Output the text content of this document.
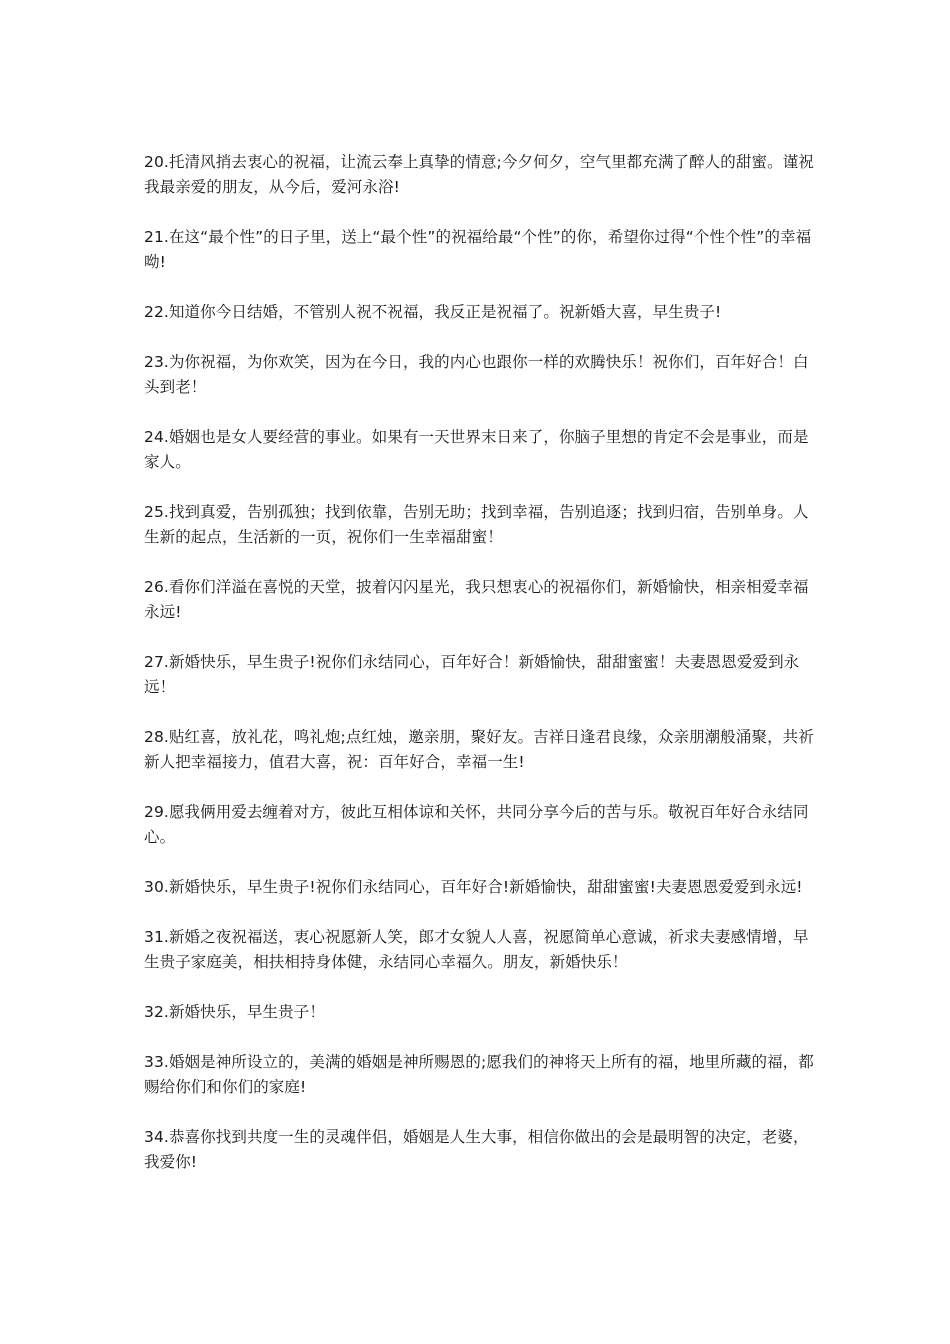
20.托清风捎去衷心的祝福，让流云奉上真挚的情意;今夕何夕，空气里都充满了醉人的甜蜜。谨祝我最亲爱的朋友，从今后，爱河永浴!

21.在这“最个性”的日子里，送上“最个性”的祝福给最“个性”的你，希望你过得“个性个性”的幸福呦!

22.知道你今日结婚，不管别人祝不祝福，我反正是祝福了。祝新婚大喜，早生贵子!

23.为你祝福，为你欢笑，因为在今日，我的内心也跟你一样的欢腾快乐！祝你们，百年好合！白头到老！

24.婚姻也是女人要经营的事业。如果有一天世界末日来了，你脑子里想的肯定不会是事业，而是家人。

25.找到真爱，告别孤独；找到依靠，告别无助；找到幸福，告别追逐；找到归宿，告别单身。人生新的起点，生活新的一页，祝你们一生幸福甜蜜！

26.看你们洋溢在喜悦的天堂，披着闪闪星光，我只想衷心的祝福你们，新婚愉快，相亲相爱幸福永远!

27.新婚快乐，早生贵子!祝你们永结同心，百年好合！新婚愉快，甜甜蜜蜜！夫妻恩恩爱爱到永远！

28.贴红喜，放礼花，鸣礼炮;点红烛，邀亲朋，聚好友。吉祥日逢君良缘，众亲朋潮般涌聚，共祈新人把幸福接力，值君大喜，祝：百年好合，幸福一生!

29.愿我俩用爱去缠着对方，彼此互相体谅和关怀，共同分享今后的苦与乐。敬祝百年好合永结同心。

30.新婚快乐，早生贵子!祝你们永结同心，百年好合!新婚愉快，甜甜蜜蜜!夫妻恩恩爱爱到永远!

31.新婚之夜祝福送，衷心祝愿新人笑，郎才女貌人人喜，祝愿简单心意诚，祈求夫妻感情增，早生贵子家庭美，相扶相持身体健，永结同心幸福久。朋友，新婚快乐！

32.新婚快乐，早生贵子！

33.婚姻是神所设立的，美满的婚姻是神所赐恩的;愿我们的神将天上所有的福，地里所藏的福，都赐给你们和你们的家庭!

34.恭喜你找到共度一生的灵魂伴侣，婚姻是人生大事，相信你做出的会是最明智的决定，老婆，我爱你!
